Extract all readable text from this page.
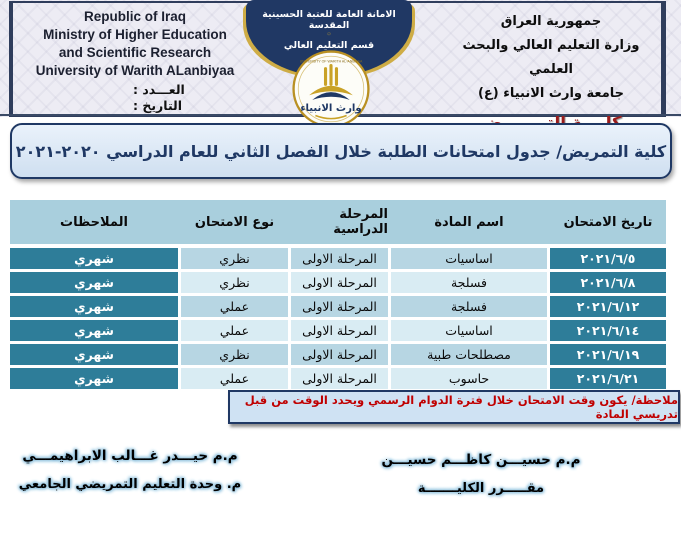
Republic of Iraq
Ministry of Higher Education
and Scientific Research
University of Warith ALanbiyaa
العـــدد :
التاريخ :
الامانة العامة للعتبة الحسينية المقدسة
۞
قسم التعليم العالي
جمهورية العراق
وزارة التعليم العالي والبحث العلمي
جامعة وارث الانبياء (ع)
UNIVERSITY OF WARITH AL-ANBIYAA
وارث الانبياء
كلية التمريض/ جدول امتحانات الطلبة خلال الفصل الثاني للعام الدراسي ٢٠٢٠-٢٠٢١
تاريخ الامتحان
اسم المادة
المرحلة الدراسية
نوع الامتحان
الملاحظات
٢٠٢١/٦/٥
اساسيات
المرحلة الاولى
نظري
شهري
٢٠٢١/٦/٨
فسلجة
المرحلة الاولى
نظري
شهري
٢٠٢١/٦/١٢
فسلجة
المرحلة الاولى
عملي
شهري
٢٠٢١/٦/١٤
اساسيات
المرحلة الاولى
عملي
شهري
٢٠٢١/٦/١٩
مصطلحات طبية
المرحلة الاولى
نظري
شهري
٢٠٢١/٦/٢١
حاسوب
المرحلة الاولى
عملي
شهري
ملاحظة/ يكون وقت الامتحان خلال فترة الدوام الرسمي ويحدد الوقت من قبل تدريسي المادة
م.م حسيـــن كاظـــم حسيـــن
مقـــــرر الكليـــــــة
م.م حيـــدر غـــالب الابراهيمـــي
م. وحدة التعليم التمريضي الجامعي
